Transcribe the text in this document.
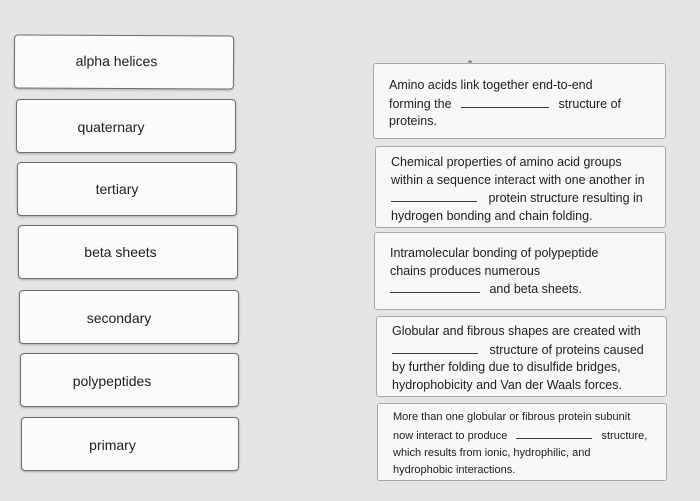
alpha helices
quaternary
tertiary
beta sheets
secondary
polypeptides
primary
Amino acids link together end-to-end
forming the	structure of
proteins.
Chemical properties of amino acid groups
within a sequence interact with one another in
protein structure resulting in
hydrogen bonding and chain folding.
Intramolecular bonding of polypeptide
chains produces numerous
and beta sheets.
Globular and fibrous shapes are created with
structure of proteins caused
by further folding due to disulfide bridges,
hydrophobicity and Van der Waals forces.
More than one globular or fibrous protein subunit
now interact to produce	structure,
which results from ionic, hydrophilic, and
hydrophobic interactions.
